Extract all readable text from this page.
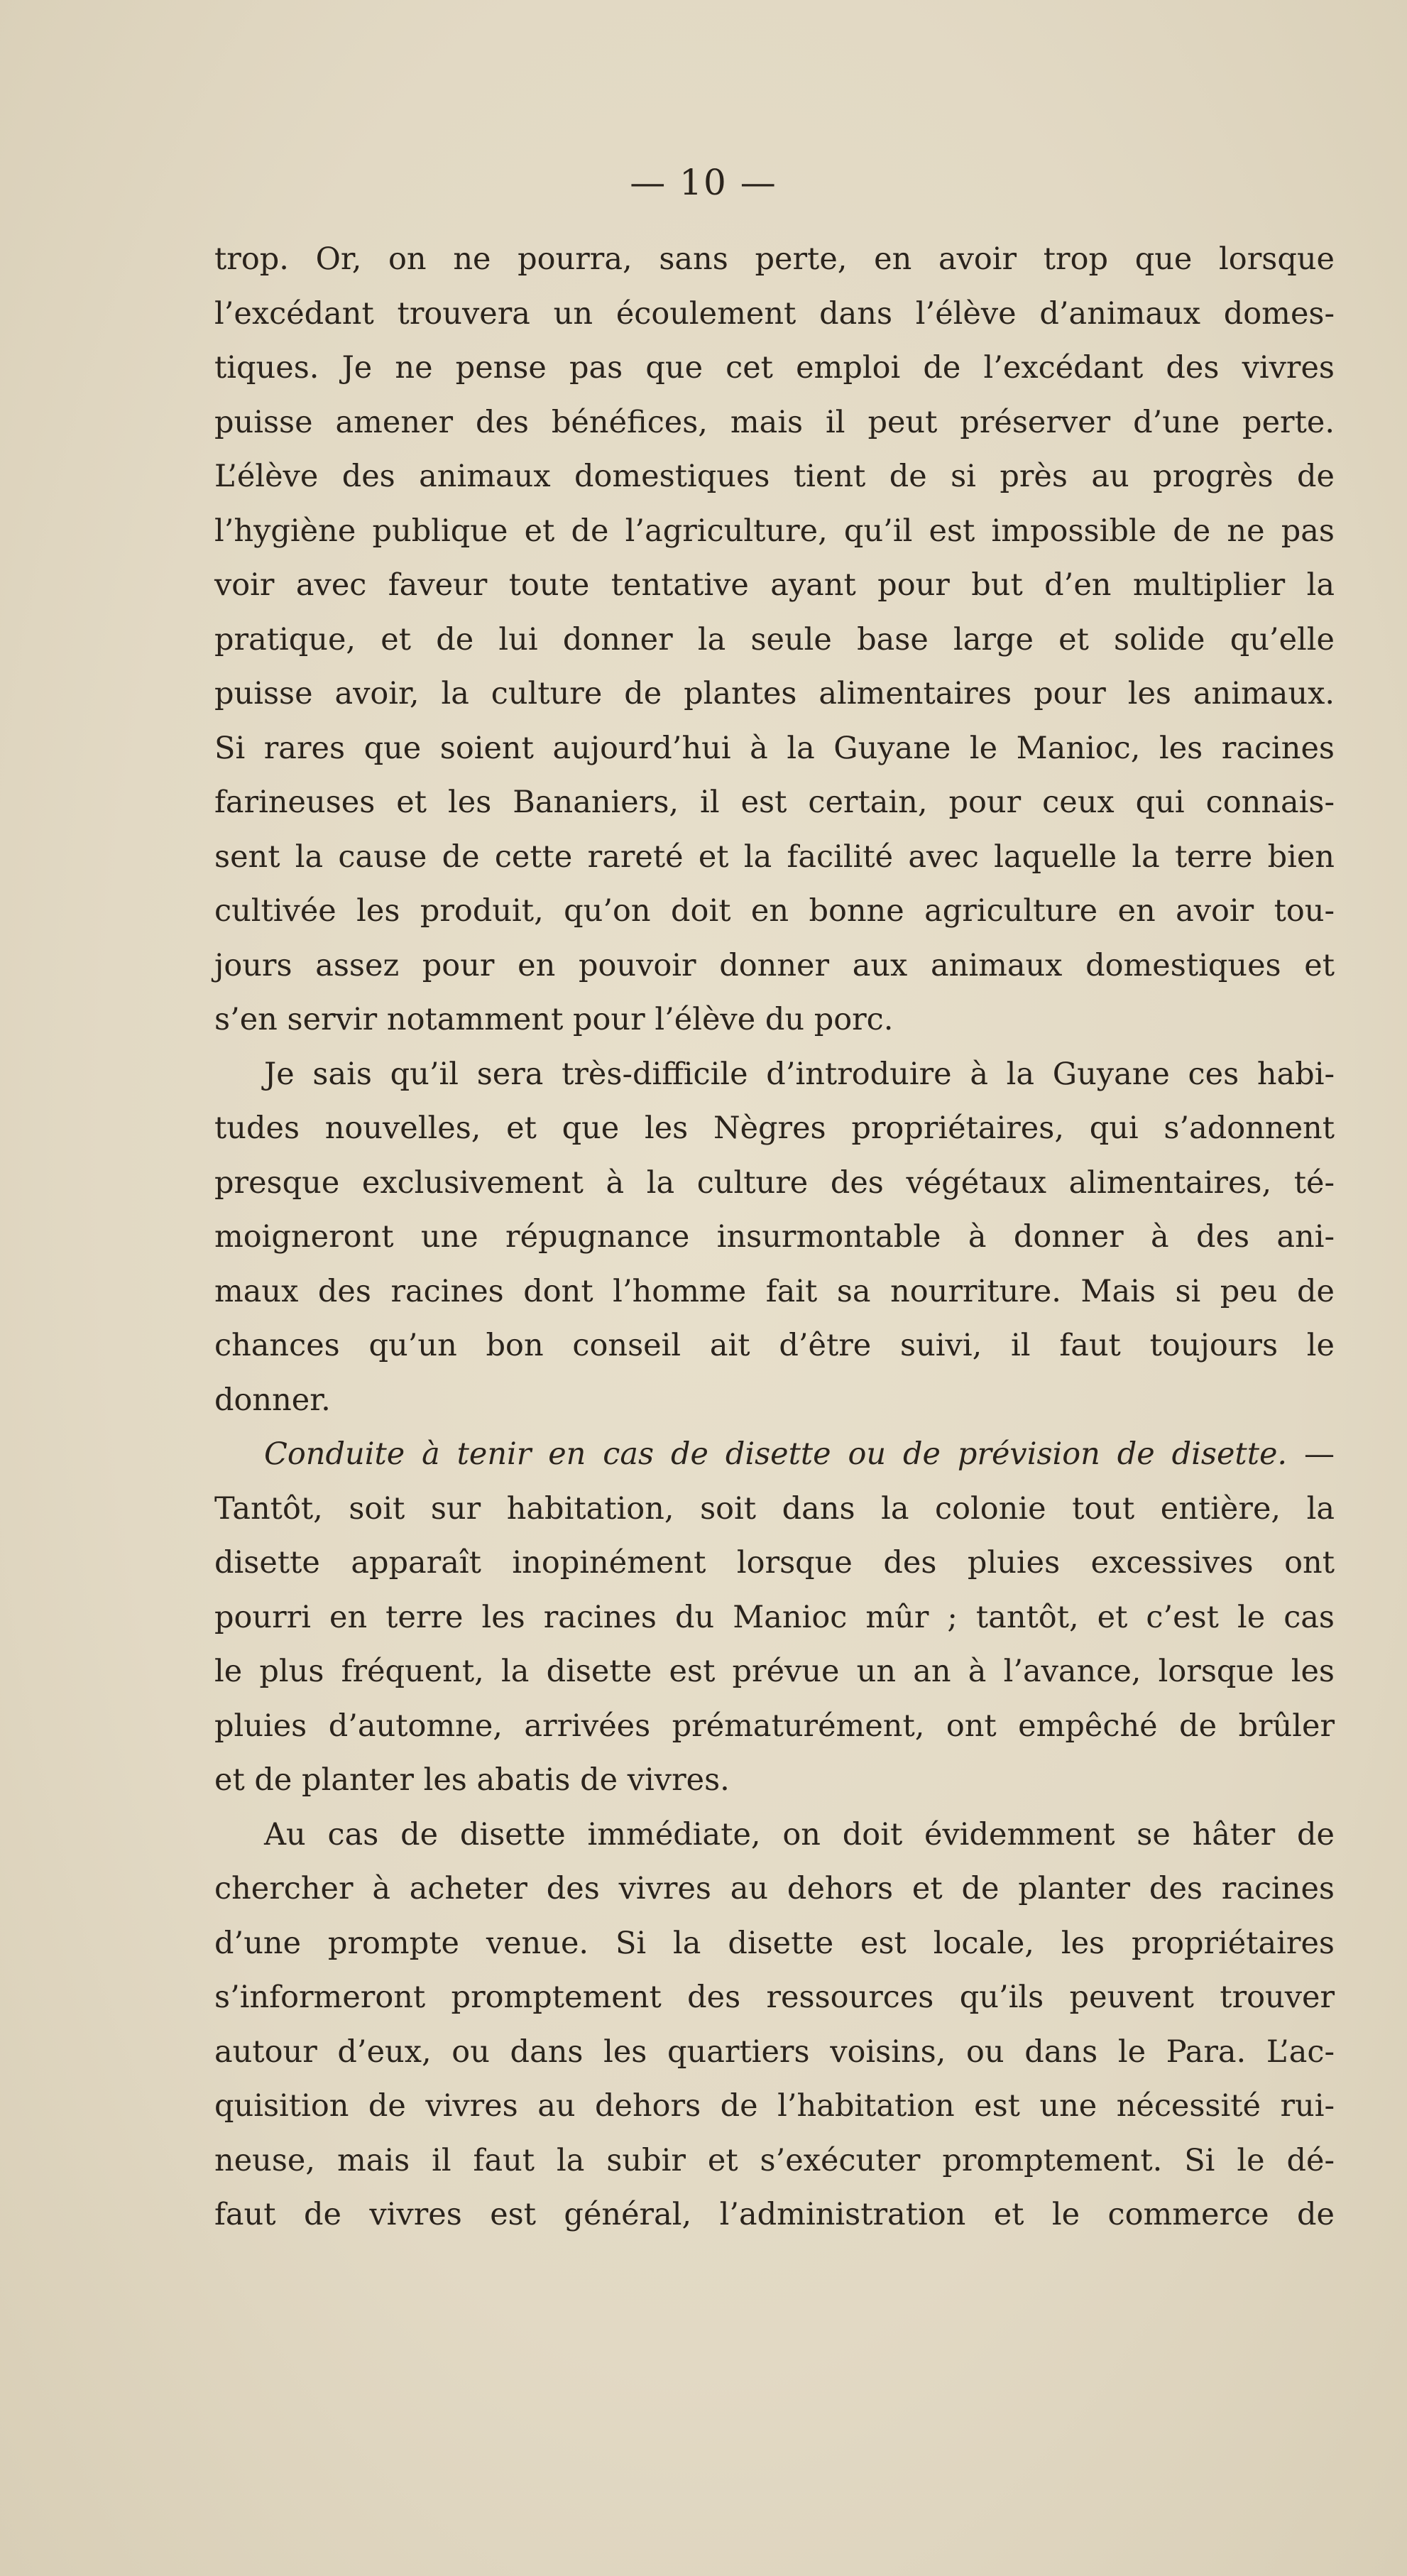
— 10 —
trop. Or, on ne pourra, sans perte, en avoir trop que lorsque
l’excédant trouvera un écoulement dans l’élève d’animaux domes-
tiques. Je ne pense pas que cet emploi de l’excédant des vivres
puisse amener des bénéfices, mais il peut préserver d’une perte.
L’élève des animaux domestiques tient de si près au progrès de
l’hygiène publique et de l’agriculture, qu’il est impossible de ne pas
voir avec faveur toute tentative ayant pour but d’en multiplier la
pratique, et de lui donner la seule base large et solide qu’elle
puisse avoir, la culture de plantes alimentaires pour les animaux.
Si rares que soient aujourd’hui à la Guyane le Manioc, les racines
farineuses et les Bananiers, il est certain, pour ceux qui connais-
sent la cause de cette rareté et la facilité avec laquelle la terre bien
cultivée les produit, qu’on doit en bonne agriculture en avoir tou-
jours assez pour en pouvoir donner aux animaux domestiques et
s’en servir notamment pour l’élève du porc.
Je sais qu’il sera très-difficile d’introduire à la Guyane ces habi-
tudes nouvelles, et que les Nègres propriétaires, qui s’adonnent
presque exclusivement à la culture des végétaux alimentaires, té-
moigneront une répugnance insurmontable à donner à des ani-
maux des racines dont l’homme fait sa nourriture. Mais si peu de
chances qu’un bon conseil ait d’être suivi, il faut toujours le
donner.
Conduite à tenir en cas de disette ou de prévision de disette. —
Tantôt, soit sur habitation, soit dans la colonie tout entière, la
disette apparaît inopinément lorsque des pluies excessives ont
pourri en terre les racines du Manioc mûr ; tantôt, et c’est le cas
le plus fréquent, la disette est prévue un an à l’avance, lorsque les
pluies d’automne, arrivées prématurément, ont empêché de brûler
et de planter les abatis de vivres.
Au cas de disette immédiate, on doit évidemment se hâter de
chercher à acheter des vivres au dehors et de planter des racines
d’une prompte venue. Si la disette est locale, les propriétaires
s’informeront promptement des ressources qu’ils peuvent trouver
autour d’eux, ou dans les quartiers voisins, ou dans le Para. L’ac-
quisition de vivres au dehors de l’habitation est une nécessité rui-
neuse, mais il faut la subir et s’exécuter promptement. Si le dé-
faut de vivres est général, l’administration et le commerce de
